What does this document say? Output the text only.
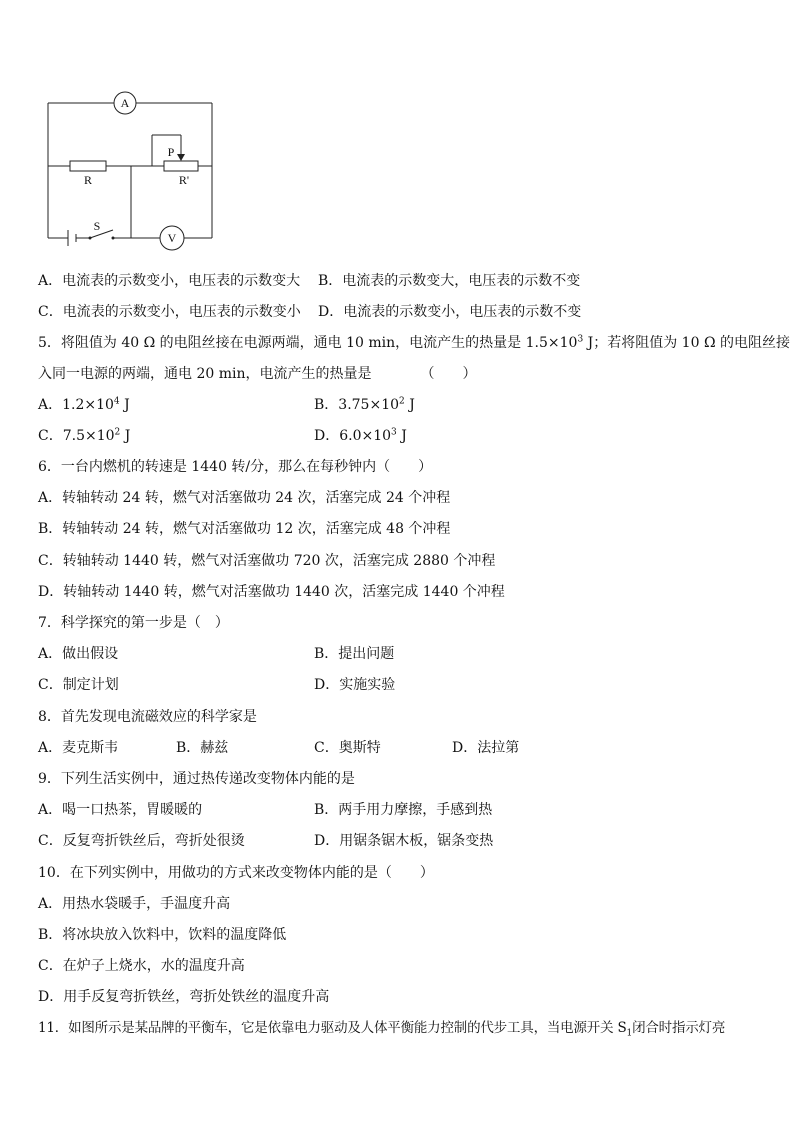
A
V
R	R'
P
S
A．电流表的示数变小，电压表的示数变大 B．电流表的示数变大，电压表的示数不变
C．电流表的示数变小，电压表的示数变小 D．电流表的示数变小，电压表的示数不变
5．将阻值为 40 Ω 的电阻丝接在电源两端，通电 10 min，电流产生的热量是 $1.5\times 10^3$ J；若将阻值为 10 Ω 的电阻丝接
入同一电源的两端，通电 20 min，电流产生的热量是　　　　（　　）
A．$1.2\times 10^4$ J	B．$3.75\times 10^2$ J
C．$7.5\times 10^2$ J	D．$6.0\times 10^3$ J
6．一台内燃机的转速是 1440 转/分，那么在每秒钟内（　　）
A．转轴转动 24 转，燃气对活塞做功 24 次，活塞完成 24 个冲程
B．转轴转动 24 转，燃气对活塞做功 12 次，活塞完成 48 个冲程
C．转轴转动 1440 转，燃气对活塞做功 720 次，活塞完成 2880 个冲程
D．转轴转动 1440 转，燃气对活塞做功 1440 次，活塞完成 1440 个冲程
7．科学探究的第一步是（　）
A．做出假设	B．提出问题
C．制定计划	D．实施实验
8．首先发现电流磁效应的科学家是
A．麦克斯韦	B．赫兹	C．奥斯特	D．法拉第
9．下列生活实例中，通过热传递改变物体内能的是
A．喝一口热茶，胃暖暖的	B．两手用力摩擦，手感到热
C．反复弯折铁丝后，弯折处很烫	D．用锯条锯木板，锯条变热
10．在下列实例中，用做功的方式来改变物体内能的是（　　）
A．用热水袋暖手，手温度升高
B．将冰块放入饮料中，饮料的温度降低
C．在炉子上烧水，水的温度升高
D．用手反复弯折铁丝，弯折处铁丝的温度升高
11．如图所示是某品牌的平衡车，它是依靠电力驱动及人体平衡能力控制的代步工具，当电源开关 $S_1$闭合时指示灯亮
